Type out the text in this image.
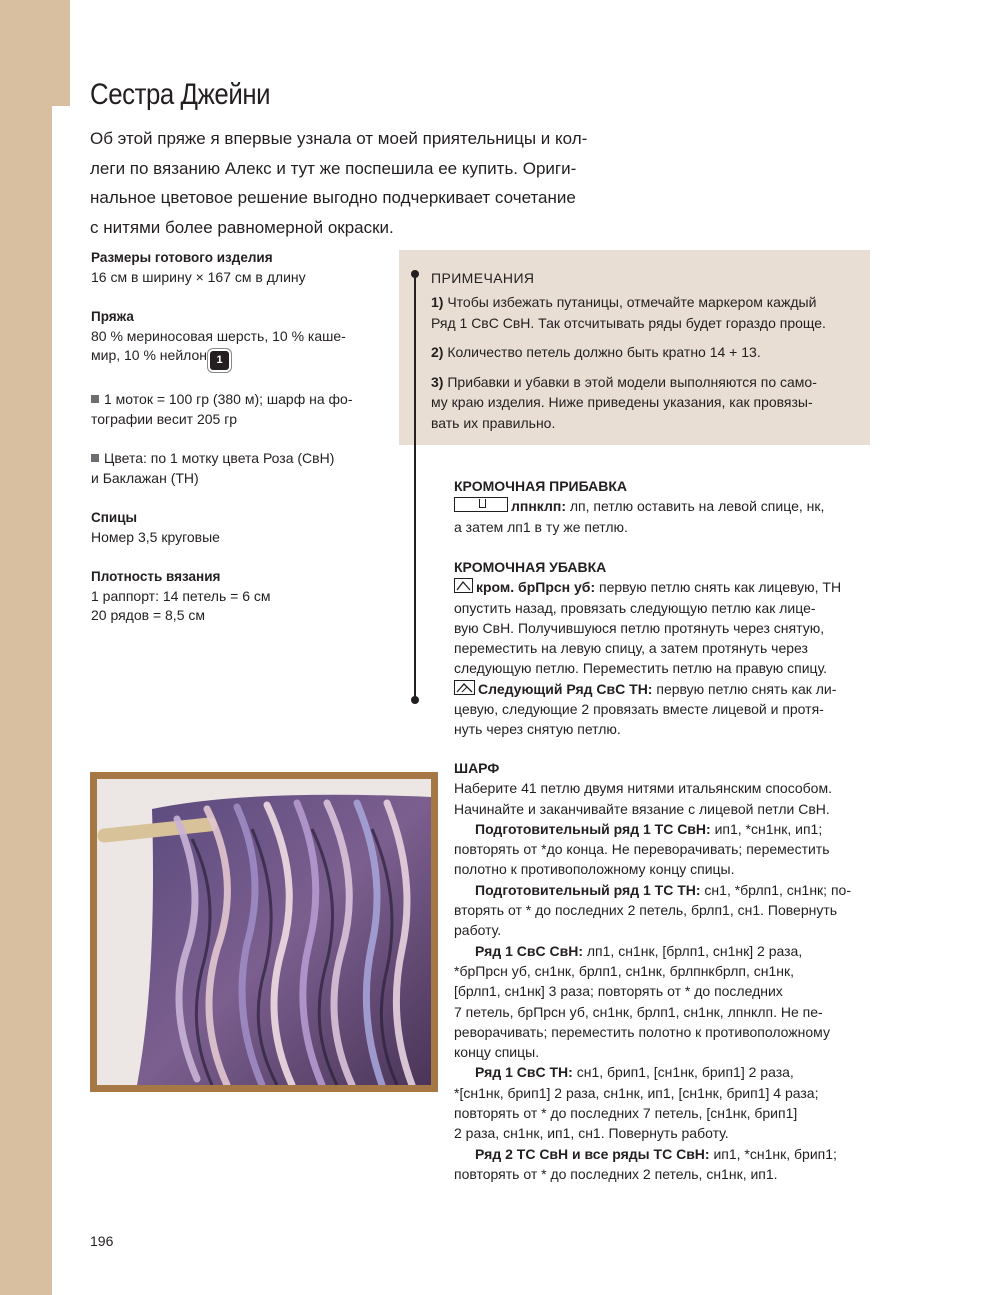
Сестра Джейни

Об этой пряже я впервые узнала от моей приятельницы и кол-
леги по вязанию Алекс и тут же поспешила ее купить. Ориги-
нальное цветовое решение выгодно подчеркивает сочетание
с нитями более равномерной окраски.

Размеры готового изделия
16 см в ширину × 167 см в длину
Пряжа
80 % мериносовая шерсть, 10 % каше-
мир, 10 % нейлон 1
1 моток = 100 гр (380 м); шарф на фо-
тографии весит 205 гр
Цвета: по 1 мотку цвета Роза (СвН)
и Баклажан (ТН)
Спицы
Номер 3,5 круговые
Плотность вязания
1 раппорт: 14 петель = 6 см
20 рядов = 8,5 см
ПРИМЕЧАНИЯ

1) Чтобы избежать путаницы, отмечайте маркером каждый
Ряд 1 СвС СвН. Так отсчитывать ряды будет гораздо проще.

2) Количество петель должно быть кратно 14 + 13.

3) Прибавки и убавки в этой модели выполняются по само-
му краю изделия. Ниже приведены указания, как провязы-
вать их правильно.

КРОМОЧНАЯ ПРИБАВКА
лпнклп: лп, петлю оставить на левой спице, нк,
а затем лп1 в ту же петлю.
КРОМОЧНАЯ УБАВКА
кром. брПрсн уб: первую петлю снять как лицевую, ТН
опустить назад, провязать следующую петлю как лице-
вую СвН. Получившуюся петлю протянуть через снятую,
переместить на левую спицу, а затем протянуть через
следующую петлю. Переместить петлю на правую спицу.
Следующий Ряд СвС ТН: первую петлю снять как ли-
цевую, следующие 2 провязать вместе лицевой и протя-
нуть через снятую петлю.
ШАРФ
Наберите 41 петлю двумя нитями итальянским способом.
Начинайте и заканчивайте вязание с лицевой петли СвН.
Подготовительный ряд 1 ТС СвН: ип1, *сн1нк, ип1;
повторять от *до конца. Не переворачивать; переместить
полотно к противоположному концу спицы.
Подготовительный ряд 1 ТС ТН: сн1, *брлп1, сн1нк; по-
вторять от * до последних 2 петель, брлп1, сн1. Повернуть
работу.
Ряд 1 СвС СвН: лп1, сн1нк, [брлп1, сн1нк] 2 раза,
*брПрсн уб, сн1нк, брлп1, сн1нк, брлпнкбрлп, сн1нк,
[брлп1, сн1нк] 3 раза; повторять от * до последних
7 петель, брПрсн уб, сн1нк, брлп1, сн1нк, лпнклп. Не пе-
реворачивать; переместить полотно к противоположному
концу спицы.
Ряд 1 СвС ТН: сн1, брип1, [сн1нк, брип1] 2 раза,
*[сн1нк, брип1] 2 раза, сн1нк, ип1, [сн1нк, брип1] 4 раза;
повторять от * до последних 7 петель, [сн1нк, брип1]
2 раза, сн1нк, ип1, сн1. Повернуть работу.
Ряд 2 ТС СвН и все ряды ТС СвН: ип1, *сн1нк, брип1;
повторять от * до последних 2 петель, сн1нк, ип1.
196
